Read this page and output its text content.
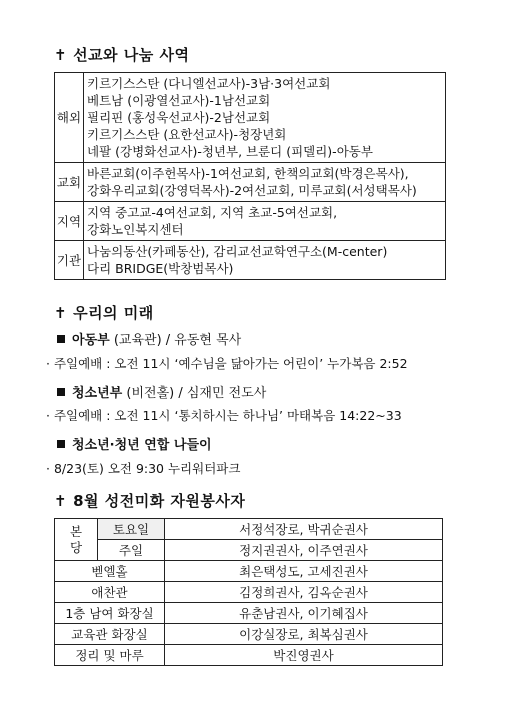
✝ 선교와 나눔 사역
해외	키르기스스탄 (다니엘선교사)-3남·3여선교회
베트남 (이광열선교사)-1남선교회
필리핀 (홍성욱선교사)-2남선교회
키르기스스탄 (요한선교사)-청장년회
네팔 (강병화선교사)-청년부, 브룬디 (피델리)-아동부

교회	바른교회(이주헌목사)-1여선교회, 한책의교회(박경은목사),
강화우리교회(강영덕목사)-2여선교회, 미루교회(서성택목사)

지역	지역 중고교-4여선교회, 지역 초교-5여선교회,
강화노인복지센터

기관	나눔의동산(카페동산), 감리교선교학연구소(M-center)
다리 BRIDGE(박창범목사)
✝ 우리의 미래
아동부 (교육관) / 유동현 목사
· 주일예배 : 오전 11시 ‘예수님을 닮아가는 어린이’ 누가복음 2:52
청소년부 (비전홀) / 심재민 전도사
· 주일예배 : 오전 11시 ‘통치하시는 하나님’ 마태복음 14:22~33
청소년·청년 연합 나들이
· 8/23(토) 오전 9:30 누리워터파크
✝ 8월 성전미화 자원봉사자
본
당	토요일	서정석장로, 박귀순권사
	주일	정지권권사, 이주연권사
벧엘홀		최은택성도, 고세진권사
애찬관		김정희권사, 김옥순권사
1층 남여 화장실		유춘남권사, 이기혜집사
교육관 화장실		이강실장로, 최복심권사
정리 및 마루		박진영권사
